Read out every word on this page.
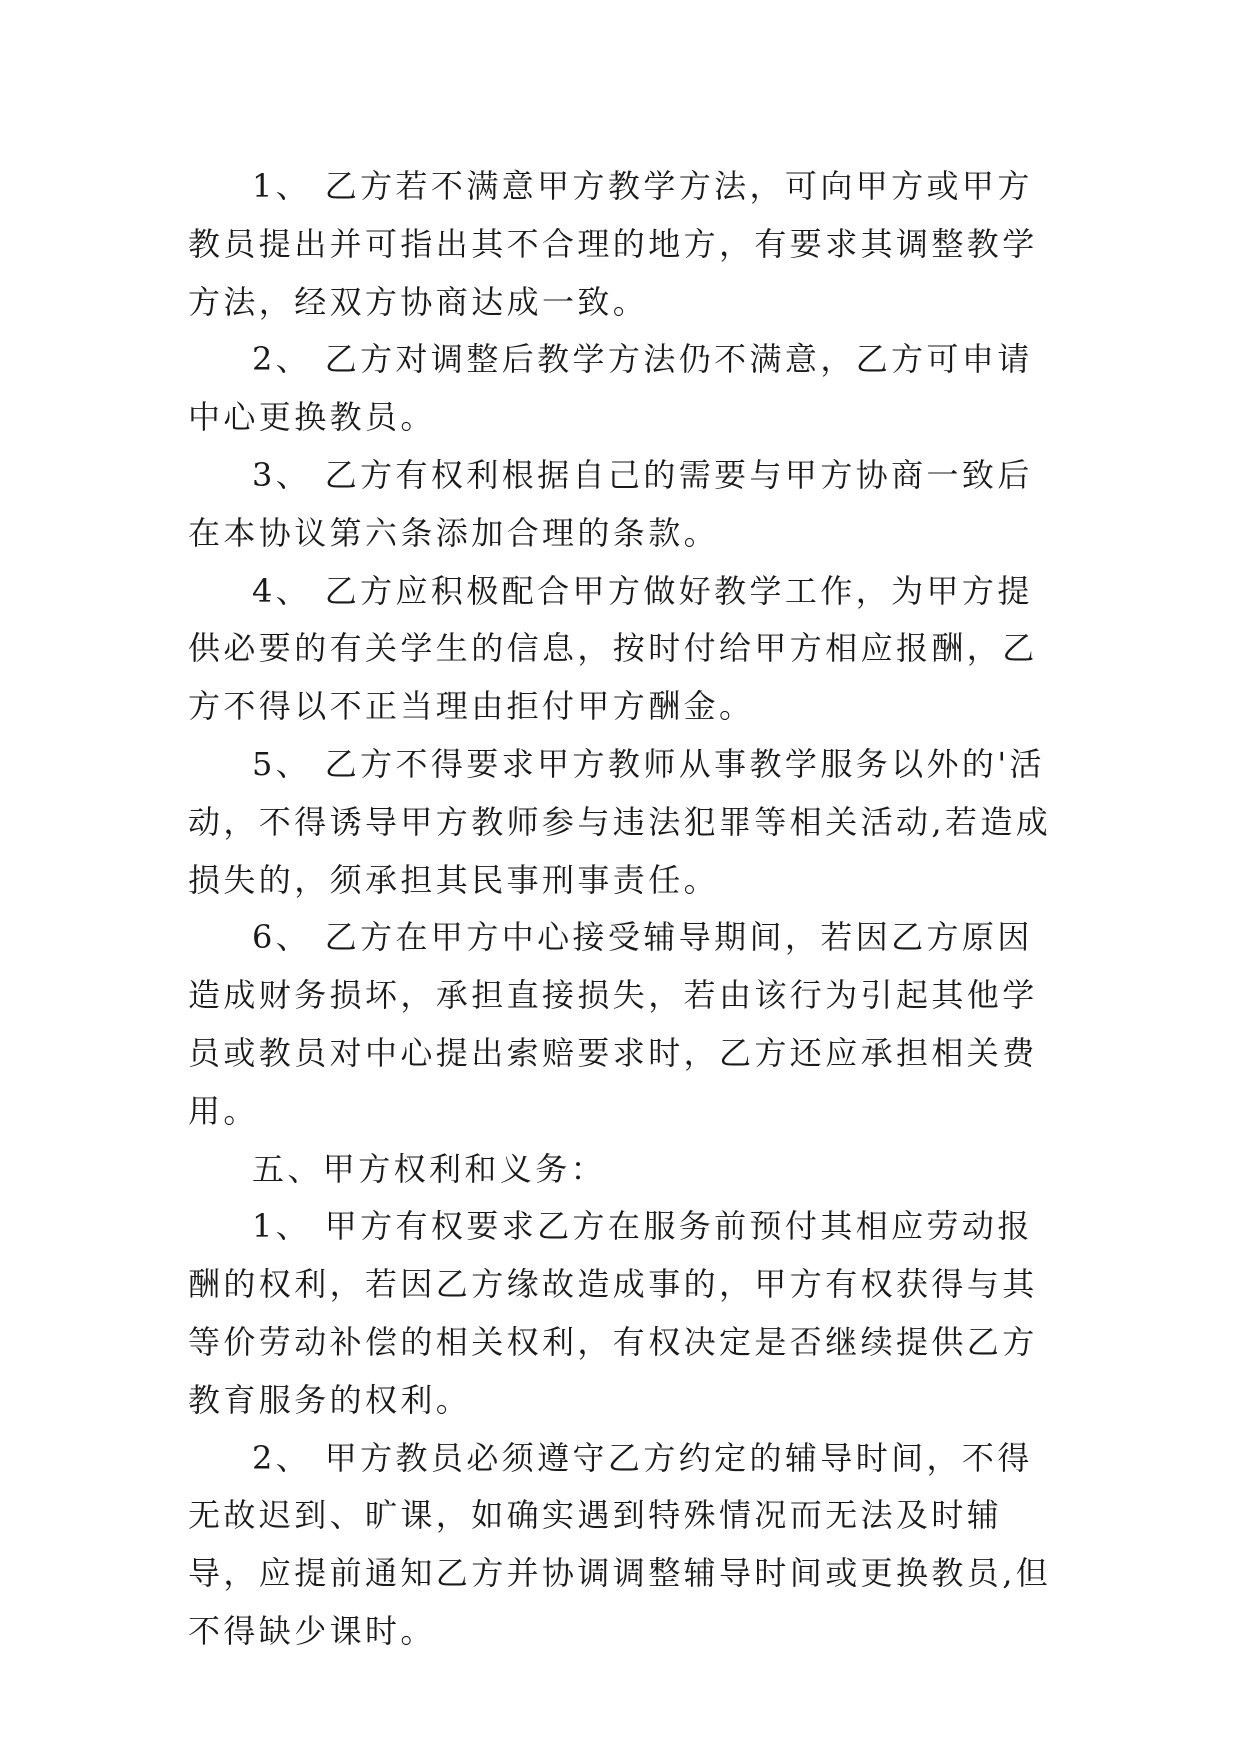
1、 乙方若不满意甲方教学方法，可向甲方或甲方教员提出并可指出其不合理的地方，有要求其调整教学方法，经双方协商达成一致。

2、 乙方对调整后教学方法仍不满意，乙方可申请中心更换教员。

3、 乙方有权利根据自己的需要与甲方协商一致后在本协议第六条添加合理的条款。

4、 乙方应积极配合甲方做好教学工作，为甲方提供必要的有关学生的信息，按时付给甲方相应报酬，乙方不得以不正当理由拒付甲方酬金。

5、 乙方不得要求甲方教师从事教学服务以外的'活动，不得诱导甲方教师参与违法犯罪等相关活动,若造成损失的，须承担其民事刑事责任。

6、 乙方在甲方中心接受辅导期间，若因乙方原因造成财务损坏，承担直接损失，若由该行为引起其他学员或教员对中心提出索赔要求时，乙方还应承担相关费用。

五、甲方权利和义务：

1、 甲方有权要求乙方在服务前预付其相应劳动报酬的权利，若因乙方缘故造成事的，甲方有权获得与其等价劳动补偿的相关权利，有权决定是否继续提供乙方教育服务的权利。

2、 甲方教员必须遵守乙方约定的辅导时间，不得无故迟到、旷课，如确实遇到特殊情况而无法及时辅导，应提前通知乙方并协调调整辅导时间或更换教员,但不得缺少课时。
